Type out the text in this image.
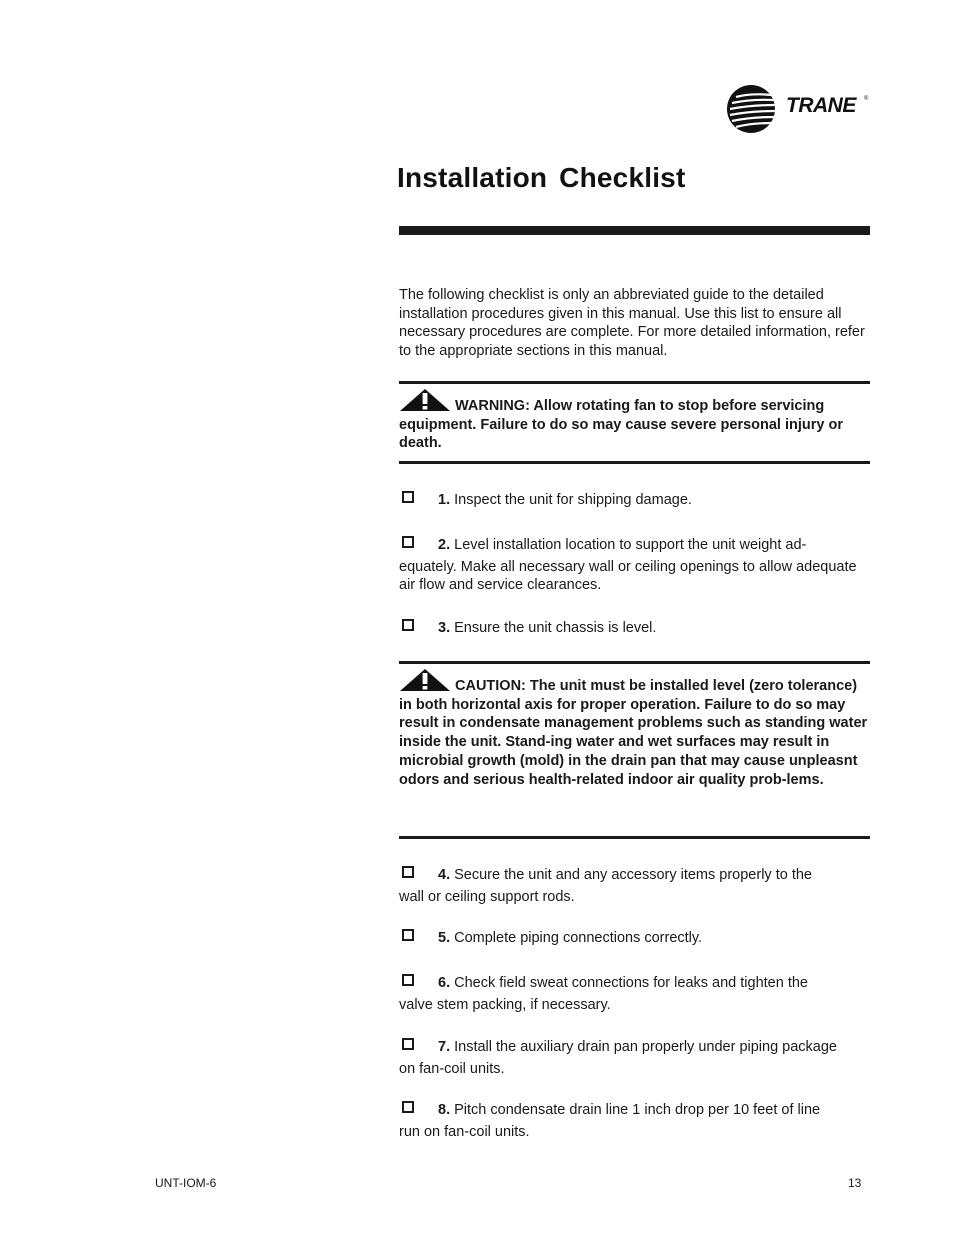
TRANE ®
Installation Checklist

The following checklist is only an abbreviated guide to the detailed installation procedures given in this manual. Use this list to ensure all necessary procedures are complete. For more detailed information, refer to the appropriate sections in this manual.

WARNING: Allow rotating fan to stop before servicing equipment. Failure to do so may cause severe personal injury or death.

1. Inspect the unit for shipping damage.
2. Level installation location to support the unit weight ad-
equately. Make all necessary wall or ceiling openings to allow adequate air flow and service clearances.
3. Ensure the unit chassis is level.

CAUTION: The unit must be installed level (zero tolerance) in both horizontal axis for proper operation. Failure to do so may result in condensate management problems such as standing water inside the unit. Stand-ing water and wet surfaces may result in microbial growth (mold) in the drain pan that may cause unpleasnt odors and serious health-related indoor air quality prob-lems.

4. Secure the unit and any accessory items properly to the
wall or ceiling support rods.
5. Complete piping connections correctly.
6. Check field sweat connections for leaks and tighten the
valve stem packing, if necessary.
7. Install the auxiliary drain pan properly under piping package
on fan-coil units.
8. Pitch condensate drain line 1 inch drop per 10 feet of line
run on fan-coil units.
UNT-IOM-6	13
